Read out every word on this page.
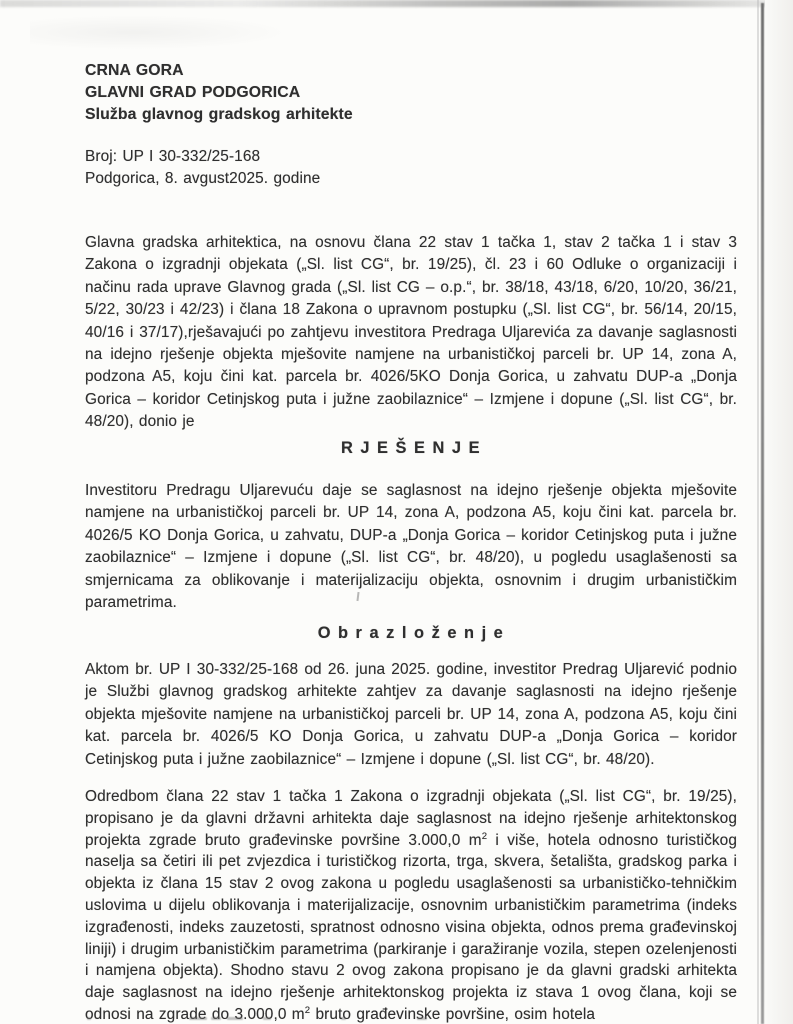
CRNA GORA
GLAVNI GRAD PODGORICA
Služba glavnog gradskog arhitekte
Broj: UP I 30-332/25-168
Podgorica, 8. avgust2025. godine
Glavna gradska arhitektica, na osnovu člana 22 stav 1 tačka 1, stav 2 tačka 1 i stav 3 Zakona o izgradnji objekata („Sl. list CG“, br. 19/25), čl. 23 i 60 Odluke o organizaciji i načinu rada uprave Glavnog grada („Sl. list CG – o.p.“, br. 38/18, 43/18, 6/20, 10/20, 36/21, 5/22, 30/23 i 42/23) i člana 18 Zakona o upravnom postupku („Sl. list CG“, br. 56/14, 20/15, 40/16 i 37/17),rješavajući po zahtjevu investitora Predraga Uljarevića za davanje saglasnosti na idejno rješenje objekta mješovite namjene na urbanističkoj parceli br. UP 14, zona A, podzona A5, koju čini kat. parcela br. 4026/5KO Donja Gorica, u zahvatu DUP-a „Donja Gorica – koridor Cetinjskog puta i južne zaobilaznice“ – Izmjene i dopune („Sl. list CG“, br. 48/20), donio je
R J E Š E N J E
Investitoru Predragu Uljarevuću daje se saglasnost na idejno rješenje objekta mješovite namjene na urbanističkoj parceli br. UP 14, zona A, podzona A5, koju čini kat. parcela br. 4026/5 KO Donja Gorica, u zahvatu, DUP-a „Donja Gorica – koridor Cetinjskog puta i južne zaobilaznice“ – Izmjene i dopune („Sl. list CG“, br. 48/20), u pogledu usaglašenosti sa smjernicama za oblikovanje i materijalizaciju objekta, osnovnim i drugim urbanističkim parametrima.
O b r a z l o ž e n j e
Aktom br. UP I 30-332/25-168 od 26. juna 2025. godine, investitor Predrag Uljarević podnio je Službi glavnog gradskog arhitekte zahtjev za davanje saglasnosti na idejno rješenje objekta mješovite namjene na urbanističkoj parceli br. UP 14, zona A, podzona A5, koju čini kat. parcela br. 4026/5 KO Donja Gorica, u zahvatu DUP-a „Donja Gorica – koridor Cetinjskog puta i južne zaobilaznice“ – Izmjene i dopune („Sl. list CG“, br. 48/20).
Odredbom člana 22 stav 1 tačka 1 Zakona o izgradnji objekata („Sl. list CG“, br. 19/25), propisano je da glavni državni arhitekta daje saglasnost na idejno rješenje arhitektonskog projekta zgrade bruto građevinske površine 3.000,0 $m^2$ i više, hotela odnosno turističkog naselja sa četiri ili pet zvjezdica i turističkog rizorta, trga, skvera, šetališta, gradskog parka i objekta iz člana 15 stav 2 ovog zakona u pogledu usaglašenosti sa urbanističko-tehničkim uslovima u dijelu oblikovanja i materijalizacije, osnovnim urbanističkim parametrima (indeks izgrađenosti, indeks zauzetosti, spratnost odnosno visina objekta, odnos prema građevinskoj liniji) i drugim urbanističkim parametrima (parkiranje i garažiranje vozila, stepen ozelenjenosti i namjena objekta). Shodno stavu 2 ovog zakona propisano je da glavni gradski arhitekta daje saglasnost na idejno rješenje arhitektonskog projekta iz stava 1 ovog člana, koji se odnosi na zgrade do 3.000,0 $m^2$ bruto građevinske površine, osim hotela
